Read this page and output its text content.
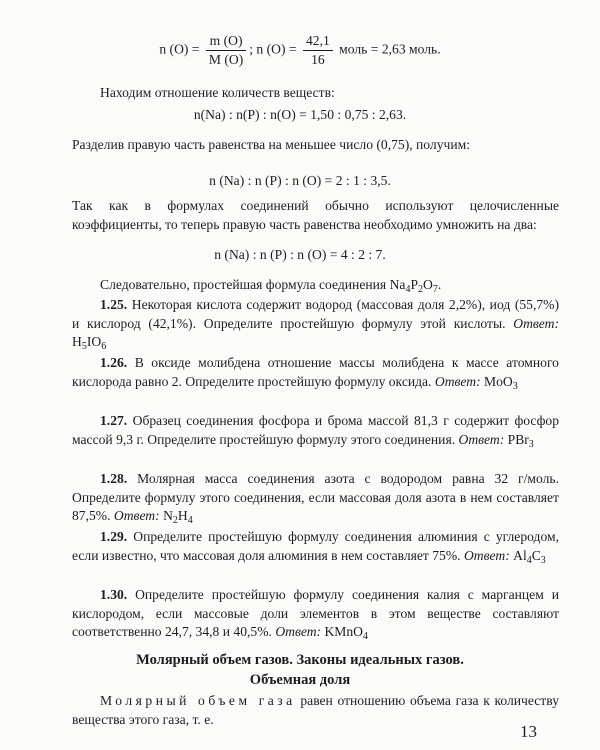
n $(O) = \frac{m (O)}{M (O)}$ ; n $(O) = \frac{42,1}{16}$ моль = 2,63 моль.
Находим отношение количеств веществ:
n(Na) : n(P) : n(O) = 1,50 : 0,75 : 2,63.
Разделив правую часть равенства на меньшее число (0,75), получим:
n (Na) : n (P) : n (O) = 2 : 1 : 3,5.
Так как в формулах соединений обычно используют целочисленные коэффициенты, то теперь правую часть равенства необходимо умножить на два:
n (Na) : n (P) : n (O) = 4 : 2 : 7.
Следовательно, простейшая формула соединения $Na_4P_2O_7$.
1.25. Некоторая кислота содержит водород (массовая доля 2,2%), иод (55,7%) и кислород (42,1%). Определите простейшую формулу этой кислоты. Ответ: $H_5IO_6$
1.26. В оксиде молибдена отношение массы молибдена к массе атомного кислорода равно 2. Определите простейшую формулу оксида. Ответ: MoO$_3$
1.27. Образец соединения фосфора и брома массой 81,3 г содержит фосфор массой 9,3 г. Определите простейшую формулу этого соединения. Ответ: PBr$_3$
1.28. Молярная масса соединения азота с водородом равна 32 г/моль. Определите формулу этого соединения, если массовая доля азота в нем составляет 87,5%. Ответ: $N_2H_4$
1.29. Определите простейшую формулу соединения алюминия с углеродом, если известно, что массовая доля алюминия в нем составляет 75%. Ответ: $Al_4C_3$
1.30. Определите простейшую формулу соединения калия с марганцем и кислородом, если массовые доли элементов в этом веществе составляют соответственно 24,7, 34,8 и 40,5%. Ответ: KMnO$_4$
Молярный объем газов. Законы идеальных газов.
Объемная доля
Молярный объем газа равен отношению объема газа к количеству вещества этого газа, т. е.
13
